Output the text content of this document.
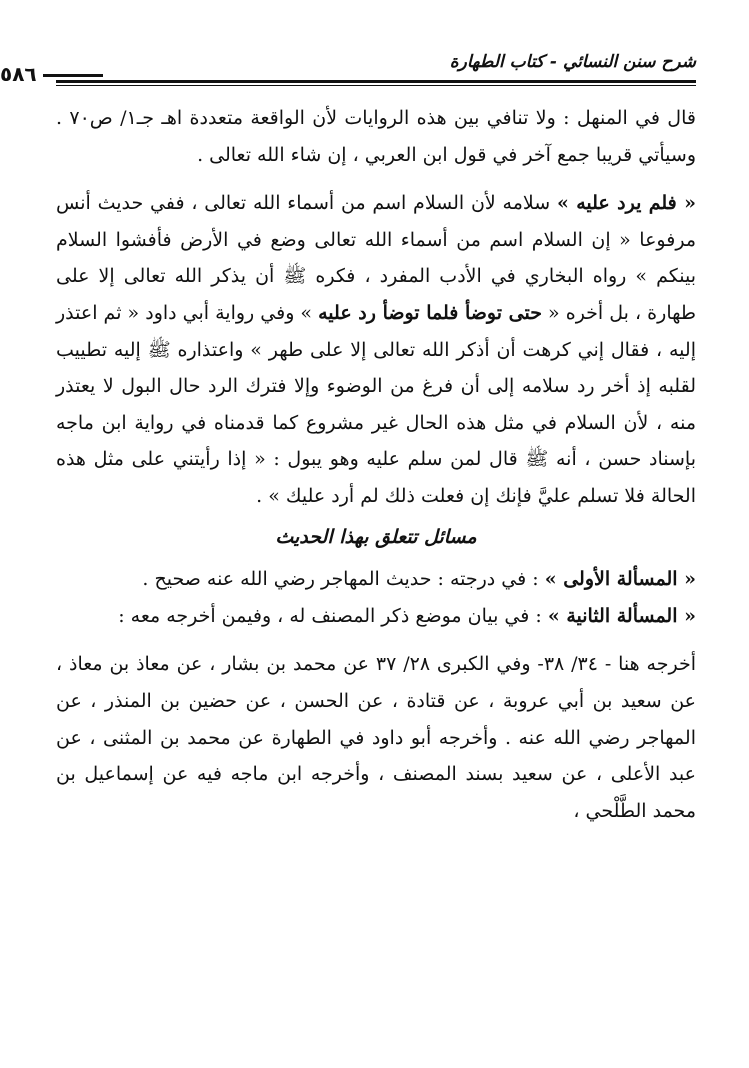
شرح سنن النسائي - كتاب الطهارة
٥٨٦

قال في المنهل : ولا تنافي بين هذه الروايات لأن الواقعة متعددة اهـ جـ١/ ص٧٠ . وسيأتي قريبا جمع آخر في قول ابن العربي ، إن شاء الله تعالى .

« فلم يرد عليه » سلامه لأن السلام اسم من أسماء الله تعالى ، ففي حديث أنس مرفوعا « إن السلام اسم من أسماء الله تعالى وضع في الأرض فأفشوا السلام بينكم » رواه البخاري في الأدب المفرد ، فكره ﷺ أن يذكر الله تعالى إلا على طهارة ، بل أخره « حتى توضأ فلما توضأ رد عليه » وفي رواية أبي داود « ثم اعتذر إليه ، فقال إني كرهت أن أذكر الله تعالى إلا على طهر » واعتذاره ﷺ إليه تطييب لقلبه إذ أخر رد سلامه إلى أن فرغ من الوضوء وإلا فترك الرد حال البول لا يعتذر منه ، لأن السلام في مثل هذه الحال غير مشروع كما قدمناه في رواية ابن ماجه بإسناد حسن ، أنه ﷺ قال لمن سلم عليه وهو يبول : « إذا رأيتني على مثل هذه الحالة فلا تسلم عليَّ فإنك إن فعلت ذلك لم أرد عليك » .

مسائل تتعلق بهذا الحديث

« المسألة الأولى » : في درجته : حديث المهاجر رضي الله عنه صحيح .

« المسألة الثانية » : في بيان موضع ذكر المصنف له ، وفيمن أخرجه معه :

أخرجه هنا - ٣٤/ ٣٨- وفي الكبرى ٢٨/ ٣٧ عن محمد بن بشار ، عن معاذ بن معاذ ، عن سعيد بن أبي عروبة ، عن قتادة ، عن الحسن ، عن حضين بن المنذر ، عن المهاجر رضي الله عنه . وأخرجه أبو داود في الطهارة عن محمد بن المثنى ، عن عبد الأعلى ، عن سعيد بسند المصنف ، وأخرجه ابن ماجه فيه عن إسماعيل بن محمد الطَّلْحي ،
